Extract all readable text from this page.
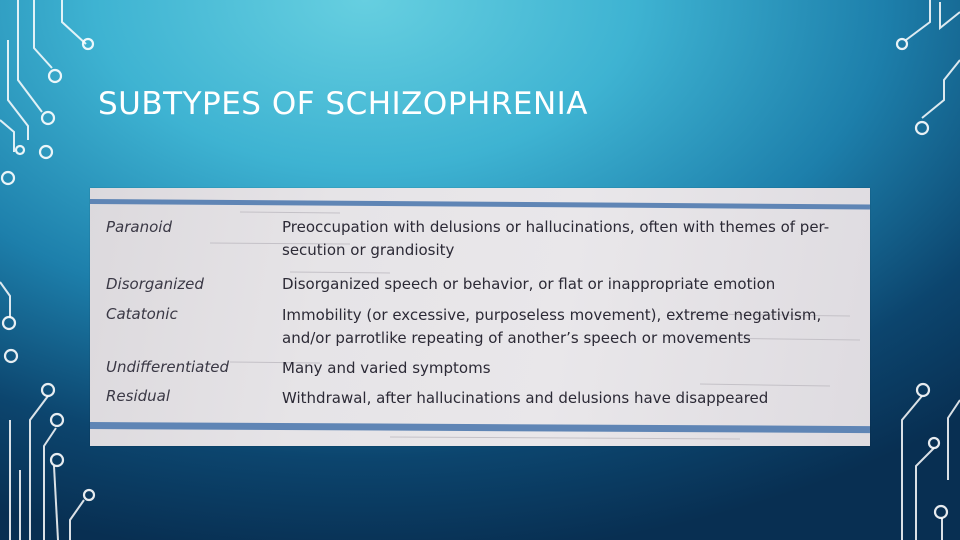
SUBTYPES OF SCHIZOPHRENIA
Paranoid	Preoccupation with delusions or hallucinations, often with themes of per-
secution or grandiosity
Disorganized	Disorganized speech or behavior, or flat or inappropriate emotion
Catatonic	Immobility (or excessive, purposeless movement), extreme negativism,
and/or parrotlike repeating of another’s speech or movements
Undifferentiated	Many and varied symptoms
Residual	Withdrawal, after hallucinations and delusions have disappeared
